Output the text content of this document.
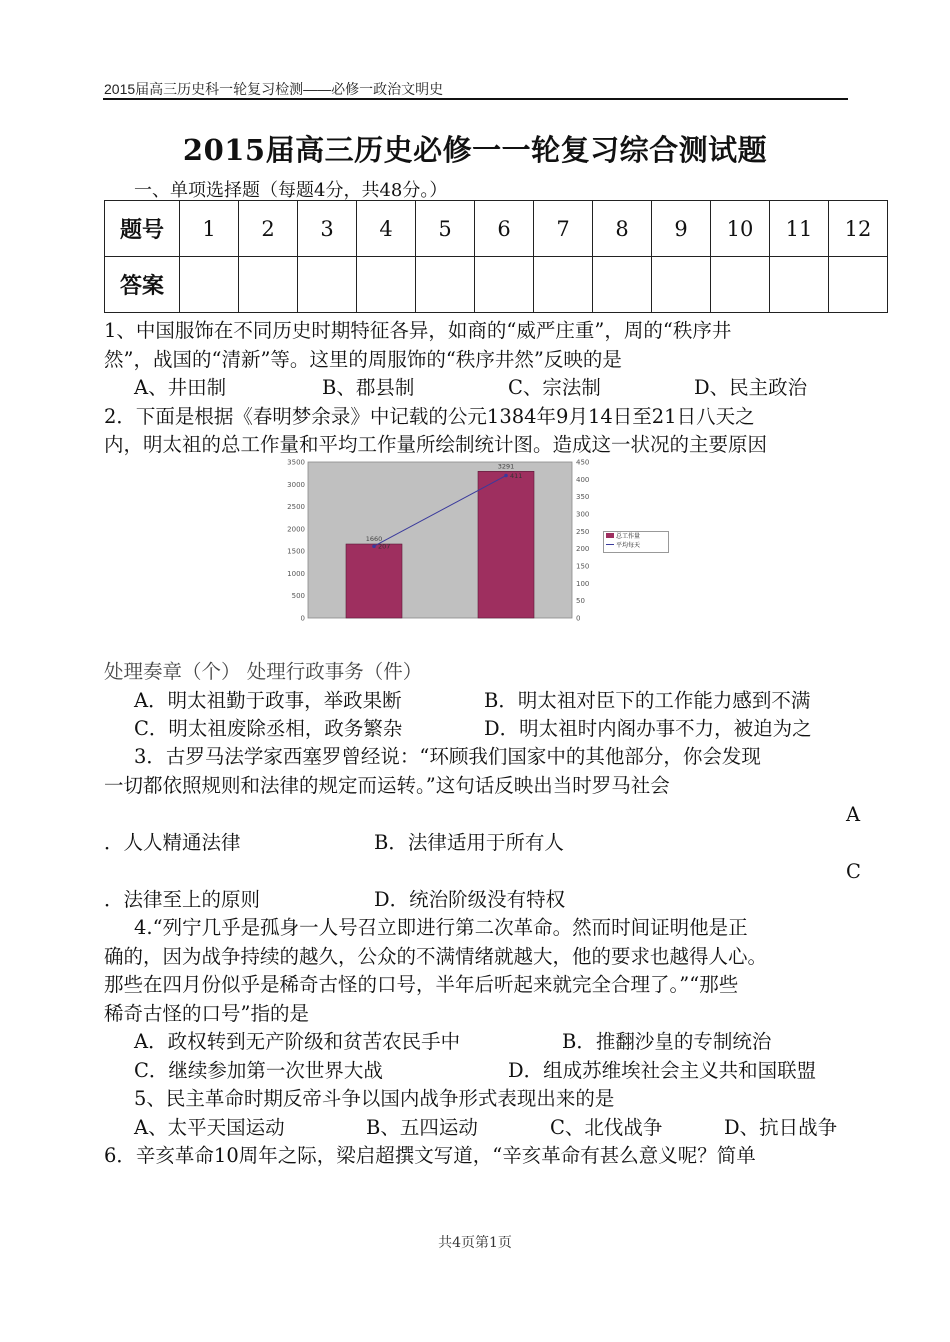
2015届高三历史科一轮复习检测——必修一政治文明史
2015届高三历史必修一一轮复习综合测试题
一、单项选择题（每题4分，共48分。）
题号	1	2	3	4	5	6	7	8	9	10	11	12
答案												
1、中国服饰在不同历史时期特征各异，如商的“威严庄重”，周的“秩序井
然”，战国的“清新”等。这里的周服饰的“秩序井然”反映的是
A、井田制	B、郡县制	C、宗法制	D、民主政治
2．下面是根据《春明梦余录》中记载的公元1384年9月14日至21日八天之
内，明太祖的总工作量和平均工作量所绘制统计图。造成这一状况的主要原因
0
500
1000
1500
2000
2500
3000
3500
0
50
100
150
200
250
300
350
400
450
1660
3291
207
411
处理奏章（个） 处理行政事务（件）
A．明太祖勤于政事，举政果断	B．明太祖对臣下的工作能力感到不满
C．明太祖废除丞相，政务繁杂	D．明太祖时内阁办事不力，被迫为之
3．古罗马法学家西塞罗曾经说：“环顾我们国家中的其他部分，你会发现
一切都依照规则和法律的规定而运转。”这句话反映出当时罗马社会
A
．人人精通法律	B．法律适用于所有人
C
．法律至上的原则	D．统治阶级没有特权
4.“列宁几乎是孤身一人号召立即进行第二次革命。然而时间证明他是正
确的，因为战争持续的越久，公众的不满情绪就越大，他的要求也越得人心。
那些在四月份似乎是稀奇古怪的口号，半年后听起来就完全合理了。”“那些
稀奇古怪的口号”指的是
A．政权转到无产阶级和贫苦农民手中	B．推翻沙皇的专制统治
C．继续参加第一次世界大战	D．组成苏维埃社会主义共和国联盟
5、民主革命时期反帝斗争以国内战争形式表现出来的是
A、太平天国运动	B、五四运动	C、北伐战争	D、抗日战争
6．辛亥革命10周年之际，梁启超撰文写道，“辛亥革命有甚么意义呢？简单
共4页第1页
总工作量
平均每天
